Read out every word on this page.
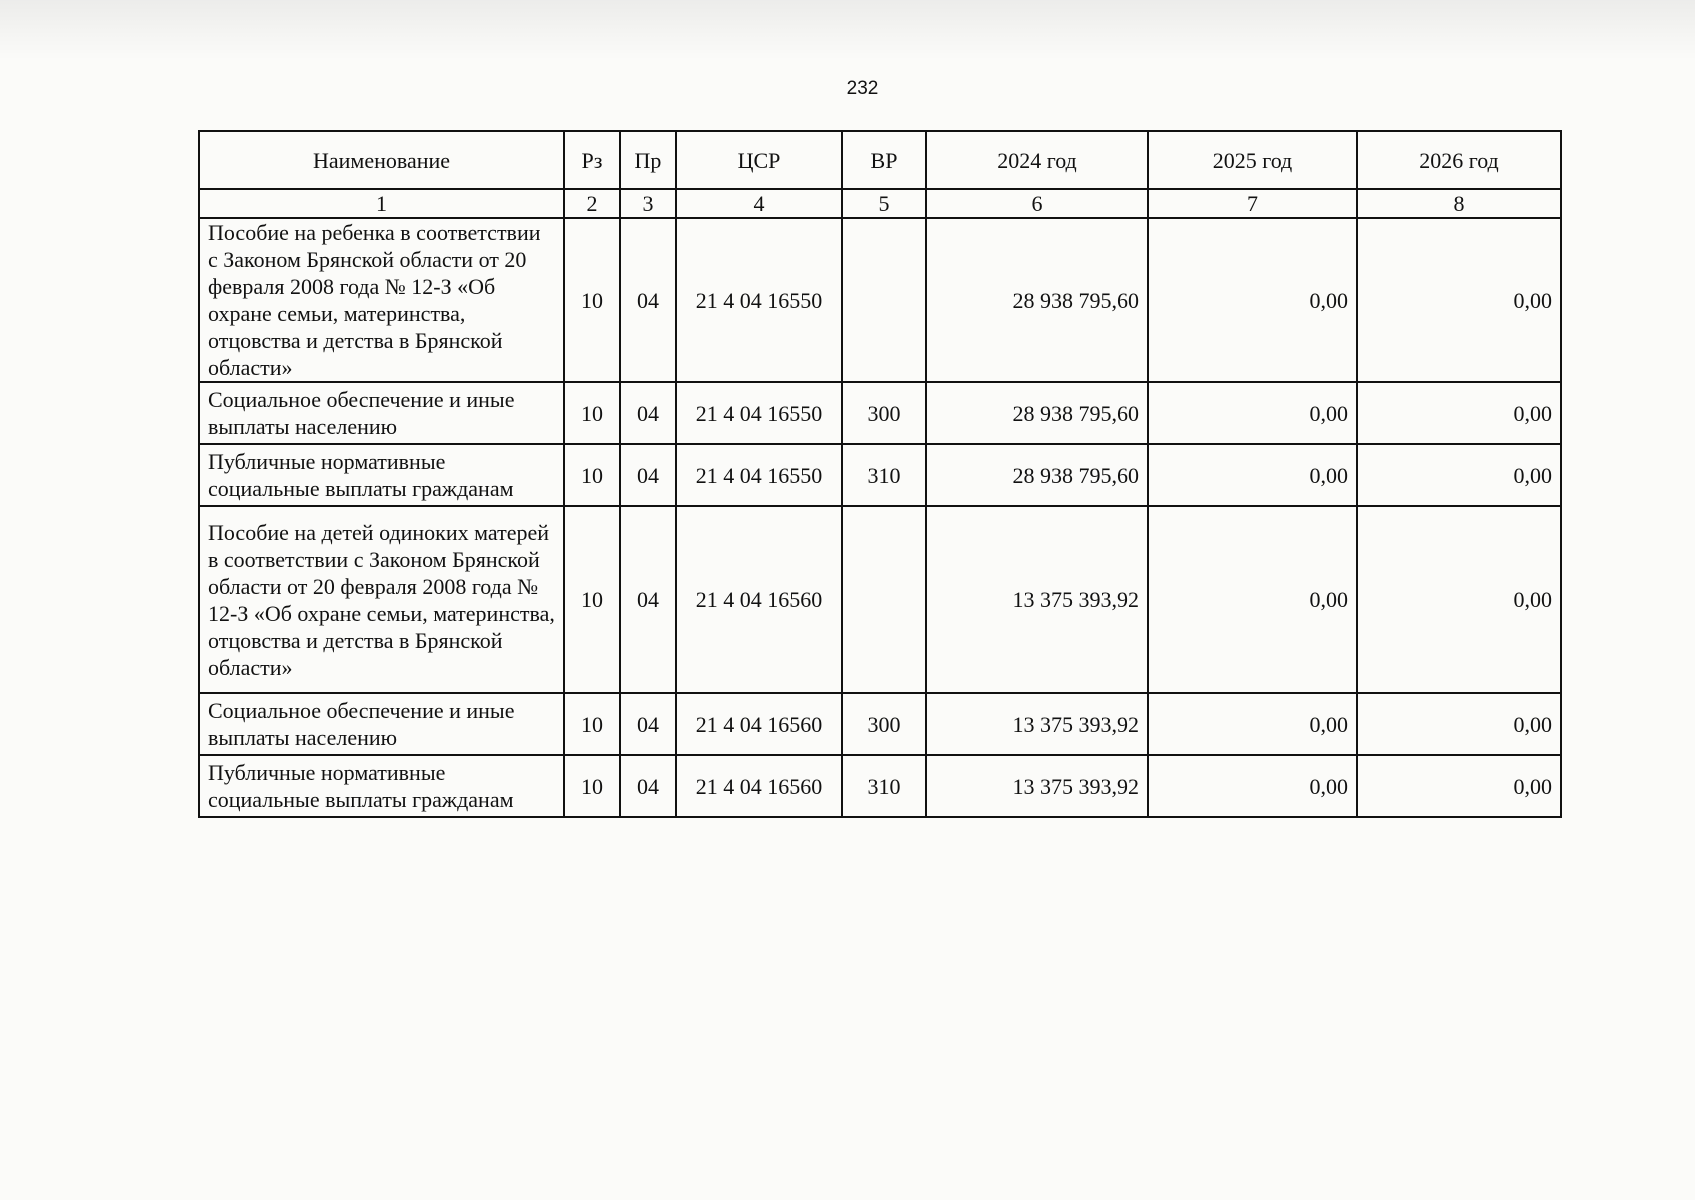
232
Наименование	Рз	Пр	ЦСР	ВР	2024 год	2025 год	2026 год
1	2	3	4	5	6	7	8
Пособие на ребенка в соответствии с Законом Брянской области от 20 февраля 2008 года № 12-З «Об охране семьи, материнства, отцовства и детства в Брянской области»	10	04	21 4 04 16550		28 938 795,60	0,00	0,00
Социальное обеспечение и иные выплаты населению	10	04	21 4 04 16550	300	28 938 795,60	0,00	0,00
Публичные нормативные социальные выплаты гражданам	10	04	21 4 04 16550	310	28 938 795,60	0,00	0,00
Пособие на детей одиноких матерей в соответствии с Законом Брянской области от 20 февраля 2008 года № 12-З «Об охране семьи, материнства, отцовства и детства в Брянской области»	10	04	21 4 04 16560		13 375 393,92	0,00	0,00
Социальное обеспечение и иные выплаты населению	10	04	21 4 04 16560	300	13 375 393,92	0,00	0,00
Публичные нормативные социальные выплаты гражданам	10	04	21 4 04 16560	310	13 375 393,92	0,00	0,00
